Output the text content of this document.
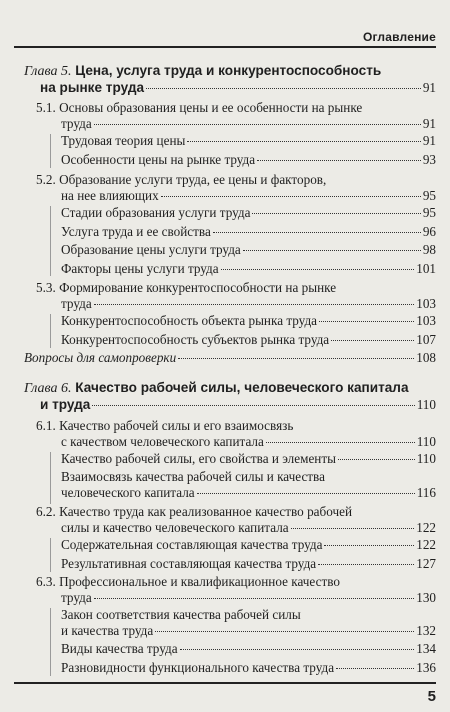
Оглавление
Глава 5. Цена, услуга труда и конкурентоспособность
на рынке труда	91
5.1. Основы образования цены и ее особенности на рынке
труда	91
Трудовая теория цены	91
Особенности цены на рынке труда	93
5.2. Образование услуги труда, ее цены и факторов,
на нее влияющих	95
Стадии образования услуги труда	95
Услуга труда и ее свойства	96
Образование цены услуги труда	98
Факторы цены услуги труда	101
5.3. Формирование конкурентоспособности на рынке
труда	103
Конкурентоспособность объекта рынка труда	103
Конкурентоспособность субъектов рынка труда	107
Вопросы для самопроверки	108
Глава 6. Качество рабочей силы, человеческого капитала
и труда	110
6.1. Качество рабочей силы и его взаимосвязь
с качеством человеческого капитала	110
Качество рабочей силы, его свойства и элементы	110
Взаимосвязь качества рабочей силы и качества
человеческого капитала	116
6.2. Качество труда как реализованное качество рабочей
силы и качество человеческого капитала	122
Содержательная составляющая качества труда	122
Результативная составляющая качества труда	127
6.3. Профессиональное и квалификационное качество
труда	130
Закон соответствия качества рабочей силы
и качества труда	132
Виды качества труда	134
Разновидности функционального качества труда	136
5
